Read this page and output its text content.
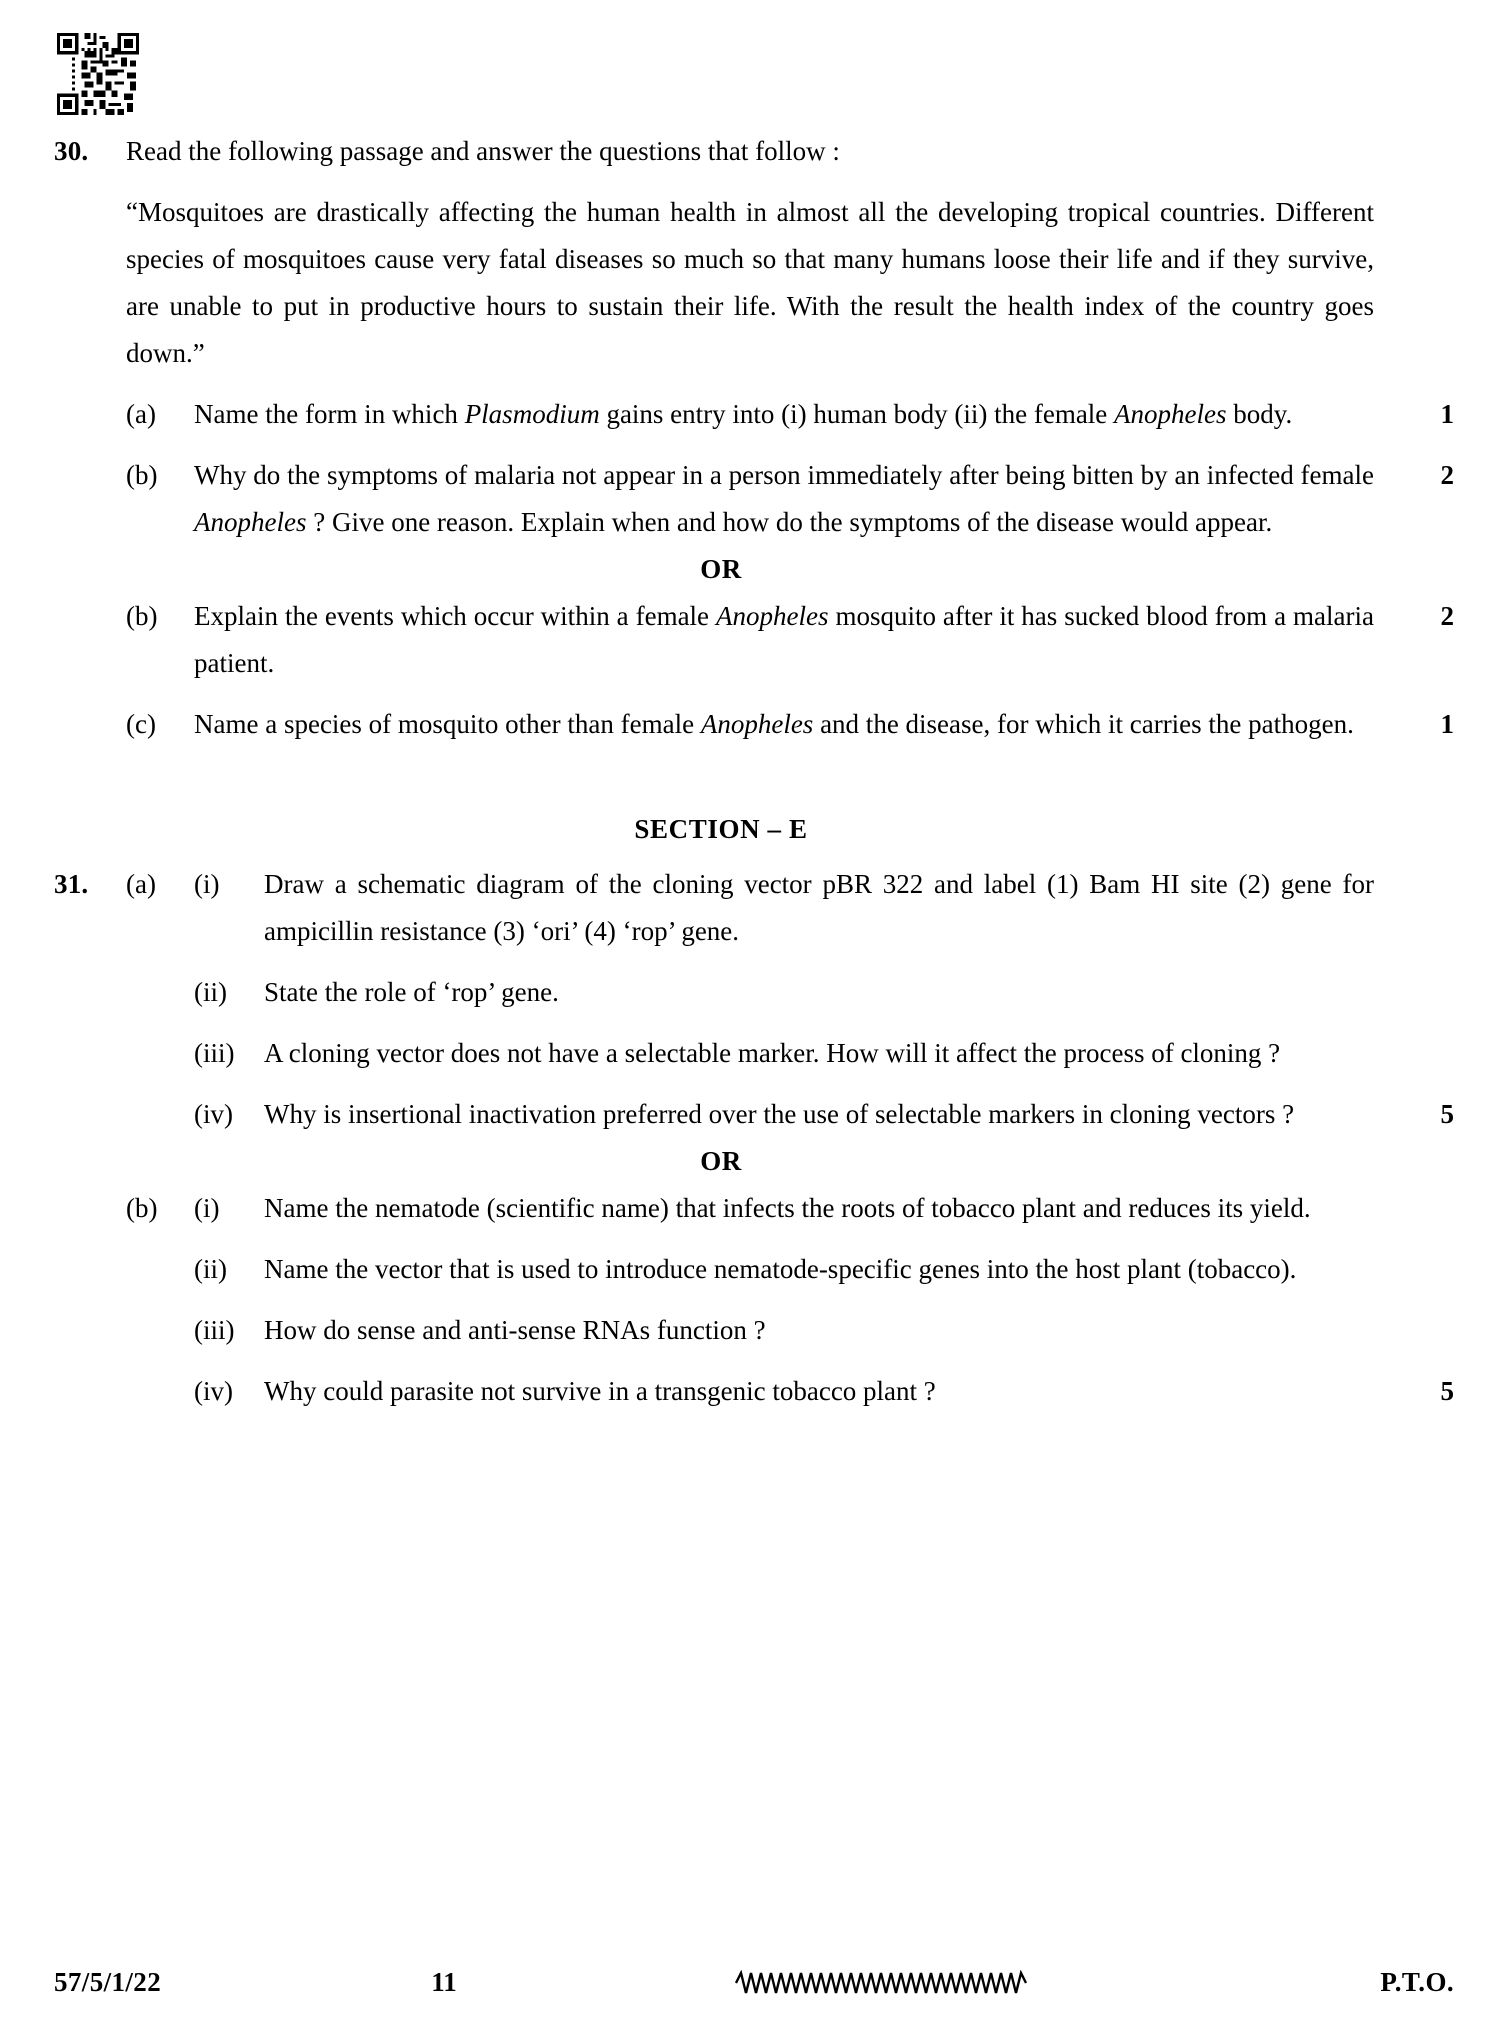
30.	Read the following passage and answer the questions that follow :
“Mosquitoes are drastically affecting the human health in almost all the developing tropical countries. Different species of mosquitoes cause very fatal diseases so much so that many humans loose their life and if they survive, are unable to put in productive hours to sustain their life. With the result the health index of the country goes down.”
(a)	Name the form in which Plasmodium gains entry into (i) human body (ii) the female Anopheles body.	1
(b)	Why do the symptoms of malaria not appear in a person immediately after being bitten by an infected female Anopheles ? Give one reason. Explain when and how do the symptoms of the disease would appear.
2
OR
(b)	Explain the events which occur within a female Anopheles mosquito after it has sucked blood from a malaria patient.
2
(c)	Name a species of mosquito other than female Anopheles and the disease, for which it carries the pathogen.	1
SECTION – E
31.	(a)	(i)	Draw a schematic diagram of the cloning vector pBR 322 and label (1) Bam HI site (2) gene for ampicillin resistance (3) ‘ori’ (4) ‘rop’ gene.
(ii)	State the role of ‘rop’ gene.
(iii)	A cloning vector does not have a selectable marker. How will it affect the process of cloning ?
(iv)	Why is insertional inactivation preferred over the use of selectable markers in cloning vectors ?	5
OR
(b)	(i)	Name the nematode (scientific name) that infects the roots of tobacco plant and reduces its yield.
(ii)	Name the vector that is used to introduce nematode-specific genes into the host plant (tobacco).
(iii)	How do sense and anti-sense RNAs function ?
(iv)	Why could parasite not survive in a transgenic tobacco plant ?	5
57/5/1/22	11	P.T.O.
